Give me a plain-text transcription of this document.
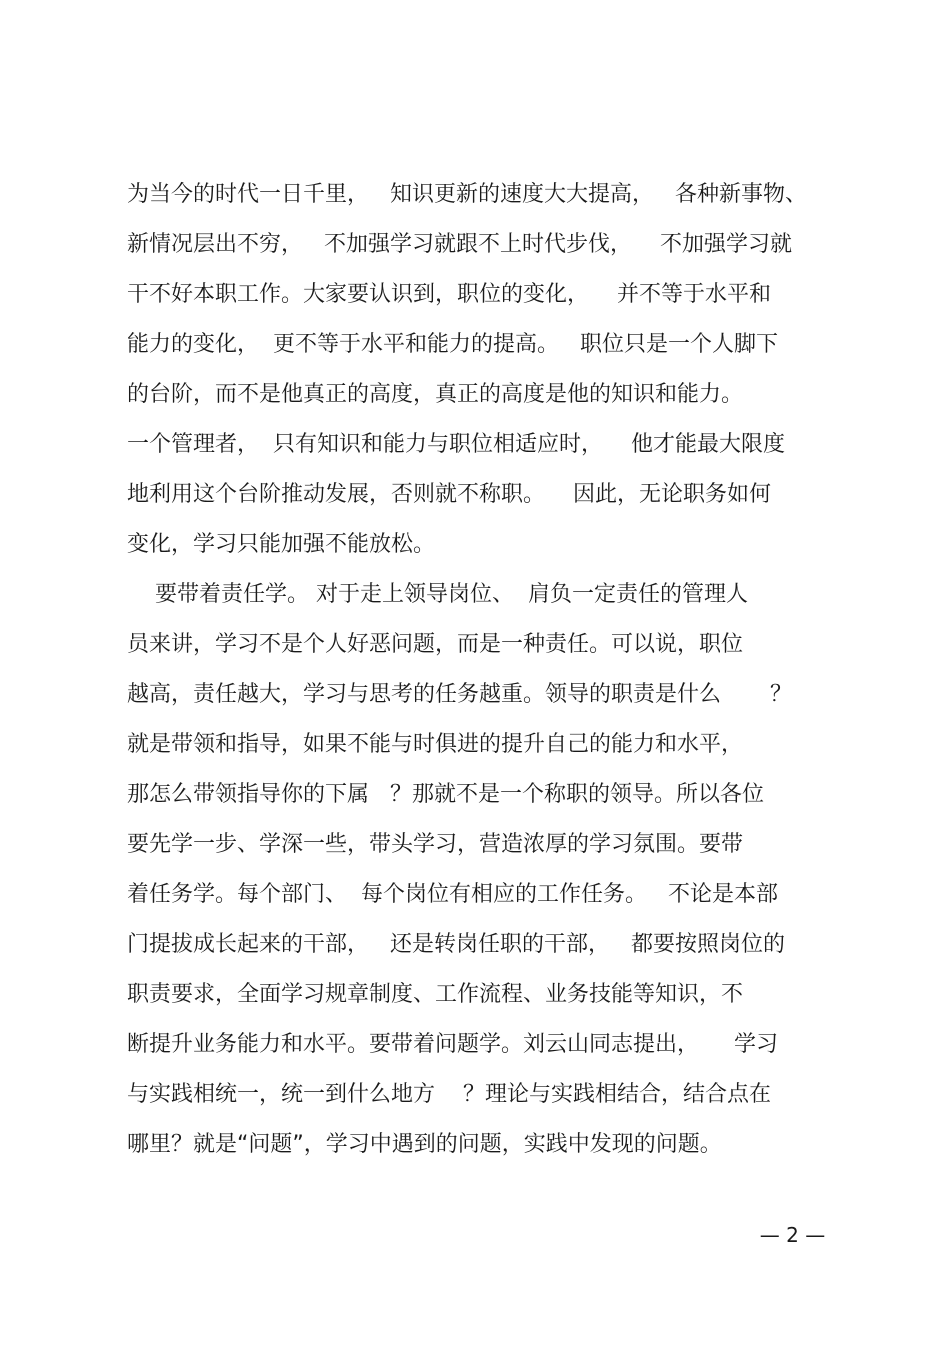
为当今的时代一日千里，   知识更新的速度大大提高，   各种新事物、
新情况层出不穷，   不加强学习就跟不上时代步伐，    不加强学习就
干不好本职工作。大家要认识到，职位的变化，    并不等于水平和
能力的变化，  更不等于水平和能力的提高。   职位只是一个人脚下
的台阶，而不是他真正的高度，真正的高度是他的知识和能力。
一个管理者，  只有知识和能力与职位相适应时，    他才能最大限度
地利用这个台阶推动发展，否则就不称职。    因此，无论职务如何
变化，学习只能加强不能放松。
要带着责任学。 对于走上领导岗位、  肩负一定责任的管理人
员来讲，学习不是个人好恶问题，而是一种责任。可以说，职位
越高，责任越大，学习与思考的任务越重。领导的职责是什么       ？
就是带领和指导，如果不能与时俱进的提升自己的能力和水平，
那怎么带领指导你的下属   ？那就不是一个称职的领导。所以各位
要先学一步、学深一些，带头学习，营造浓厚的学习氛围。要带
着任务学。每个部门、  每个岗位有相应的工作任务。   不论是本部
门提拔成长起来的干部，   还是转岗任职的干部，   都要按照岗位的
职责要求，全面学习规章制度、工作流程、业务技能等知识，不
断提升业务能力和水平。要带着问题学。刘云山同志提出，     学习
与实践相统一，统一到什么地方    ？理论与实践相结合，结合点在
哪里？就是“问题”，学习中遇到的问题，实践中发现的问题。
— 2 —
